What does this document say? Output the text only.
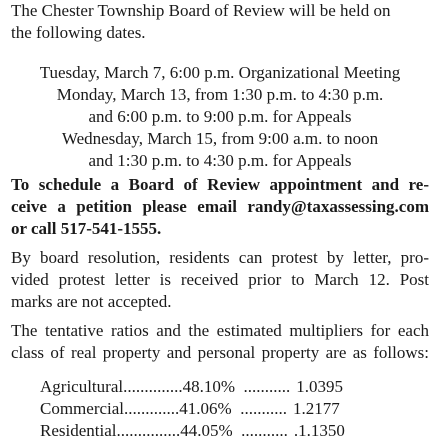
The Chester Township Board of Review will be held on
the following dates.

Tuesday, March 7, 6:00 p.m. Organizational Meeting
Monday, March 13, from 1:30 p.m. to 4:30 p.m.
and 6:00 p.m. to 9:00 p.m. for Appeals

Wednesday, March 15, from 9:00 a.m. to noon
and 1:30 p.m. to 4:30 p.m. for Appeals

To schedule a Board of Review appointment and re-
ceive a petition please email randy@taxassessing.com
or call 517-541-1555.

By board resolution, residents can protest by letter, pro-
vided protest letter is received prior to March 12. Post
marks are not accepted.

The tentative ratios and the estimated multipliers for each
class of real property and personal property are as follows:

Agricultural..............48.10%  ........... 1.0395
Commercial.............41.06%  ........... 1.2177
Residential...............44.05%  ........... .1.1350
